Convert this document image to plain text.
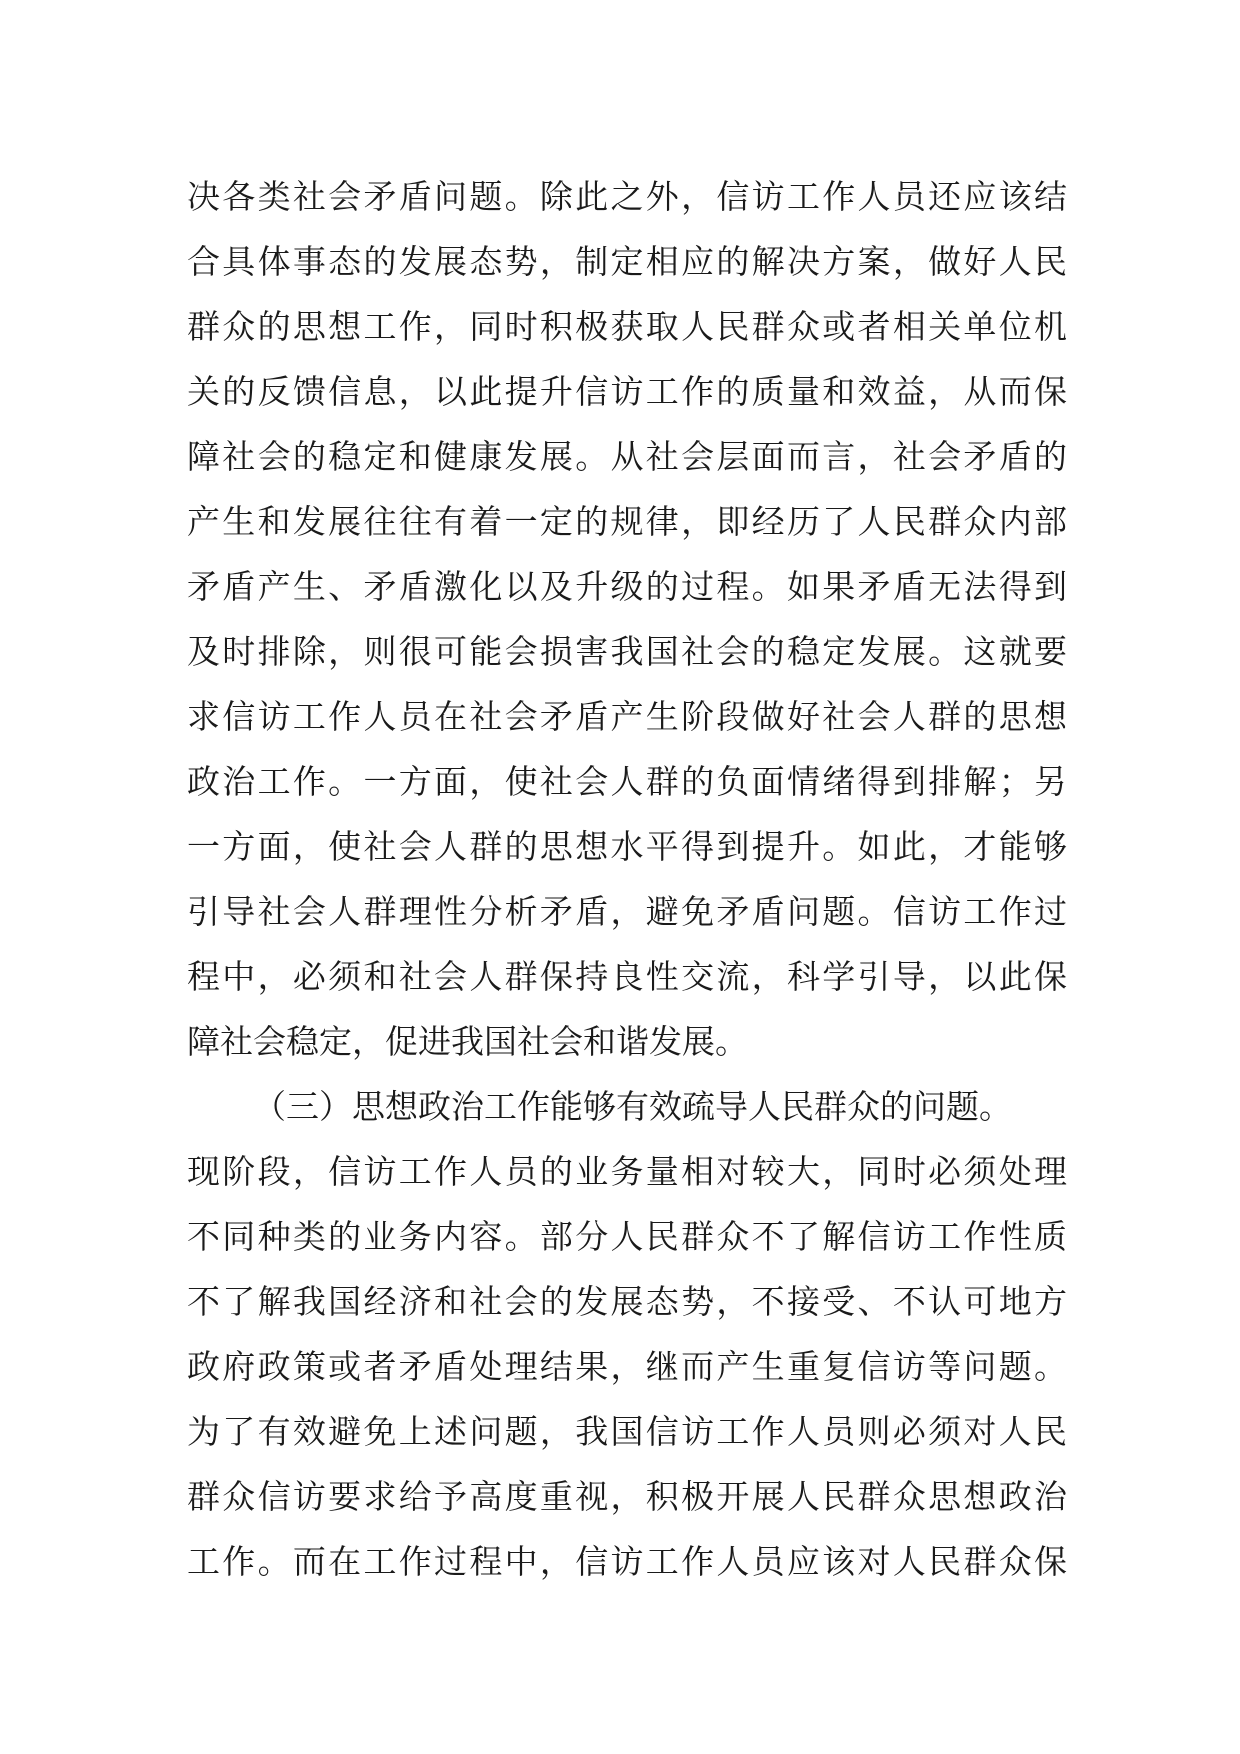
决各类社会矛盾问题。除此之外，信访工作人员还应该结
合具体事态的发展态势，制定相应的解决方案，做好人民
群众的思想工作，同时积极获取人民群众或者相关单位机
关的反馈信息，以此提升信访工作的质量和效益，从而保
障社会的稳定和健康发展。从社会层面而言，社会矛盾的
产生和发展往往有着一定的规律，即经历了人民群众内部
矛盾产生、矛盾激化以及升级的过程。如果矛盾无法得到
及时排除，则很可能会损害我国社会的稳定发展。这就要
求信访工作人员在社会矛盾产生阶段做好社会人群的思想
政治工作。一方面，使社会人群的负面情绪得到排解；另
一方面，使社会人群的思想水平得到提升。如此，才能够
引导社会人群理性分析矛盾，避免矛盾问题。信访工作过
程中，必须和社会人群保持良性交流，科学引导，以此保
障社会稳定，促进我国社会和谐发展。
（三）思想政治工作能够有效疏导人民群众的问题。
现阶段，信访工作人员的业务量相对较大，同时必须处理
不同种类的业务内容。部分人民群众不了解信访工作性质
不了解我国经济和社会的发展态势，不接受、不认可地方
政府政策或者矛盾处理结果，继而产生重复信访等问题。
为了有效避免上述问题，我国信访工作人员则必须对人民
群众信访要求给予高度重视，积极开展人民群众思想政治
工作。而在工作过程中，信访工作人员应该对人民群众保
